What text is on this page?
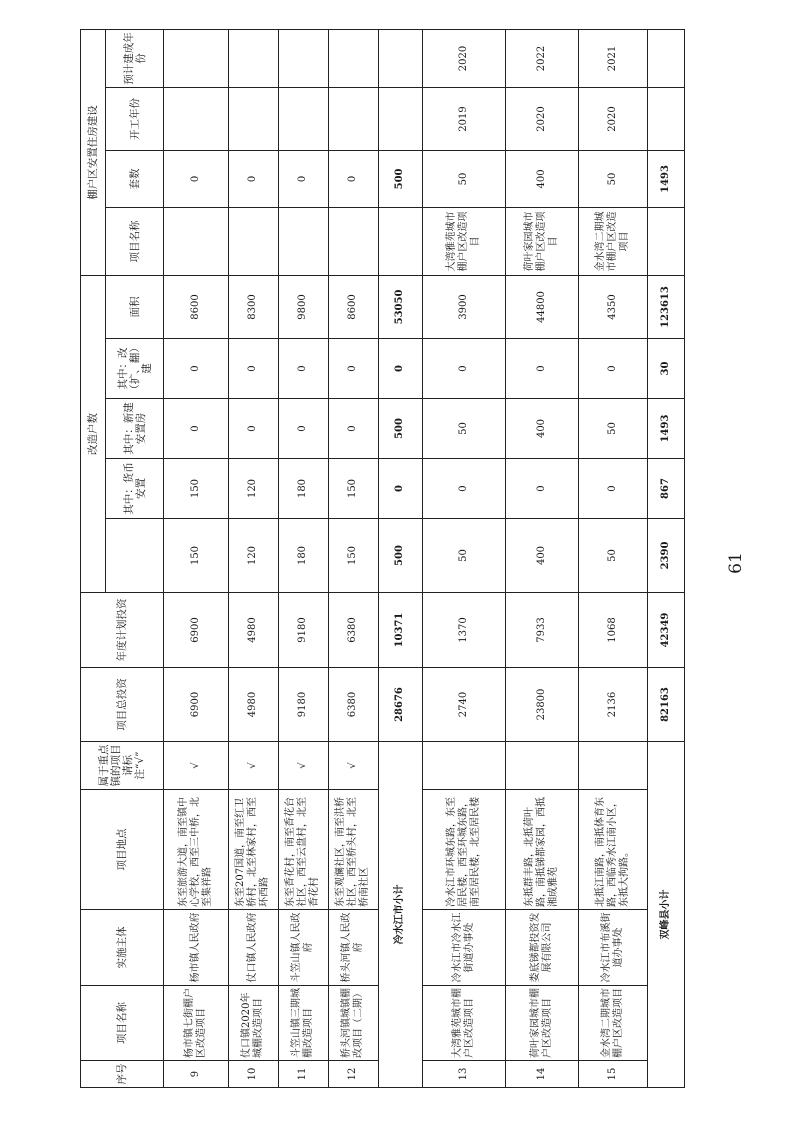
序号	项目名称	实施主体	项目地点	属于重点镇的项目请标注“√”	项目总投资	年度计划投资	改造户数					棚户区安置住房建设			
								其中：货币安置	其中：新建安置房	其中：改（扩、翻）建	面积	项目名称	套数	开工年份	预计建成年份

9	杨市镇七街棚户区改造项目	杨市镇人民政府	东至旅游大道，南至镇中心学校，西至三中桥，北至集祥路	√	6900	6900	150	150	0	0	8600		0		
10	仗口镇2020年城棚改造项目	仗口镇人民政府	东至207国道，南至红卫桥村，北至林家村，西至环西路	√	4980	4980	120	120	0	0	8300		0		
11	斗笠山镇三期城棚改造项目	斗笠山镇人民政府	东至香花村，南至香花台社区，西至云盘村，北至香花村	√	9180	9180	180	180	0	0	9800		0		
12	桥头河镇城镇棚改项目（二期）	桥头河镇人民政府	东至观澜社区，南至洪桥社区，西至桥头村，北至桥南社区	√	6380	6380	150	150	0	0	8600		0		
冷水江市小计					28676	10371	500	0	500	0	53050		500		
13	大湾雅苑城市棚户区改造项目	冷水江市冷水江街道办事处	冷水江市环城东路，东至居民楼，西至环城东路，南至居民楼，北至居民楼		2740	1370	50	0	50	0	3900	大湾雅苑城市棚户区改造项目	50	2019	2020
14	荷叶家园城市棚户区改造项目	娄底锑都投资发展有限公司	东抵群丰路，北抵荷叶路，南抵锑都家园，西抵湘成雅苑		23800	7933	400	0	400	0	44800	荷叶家园城市棚户区改造项目	400	2020	2022
15	金水湾二期城市棚户区改造项目	冷水江市布溪街道办事处	北抵江南路，南抵体育东路，西临秀水江南小区，东抵大拘路。		2136	1068	50	0	50	0	4350	金水湾二期城市棚户区改造项目	50	2020	2021
双峰县小计					82163	42349	2390	867	1493	30	123613		1493		
61
